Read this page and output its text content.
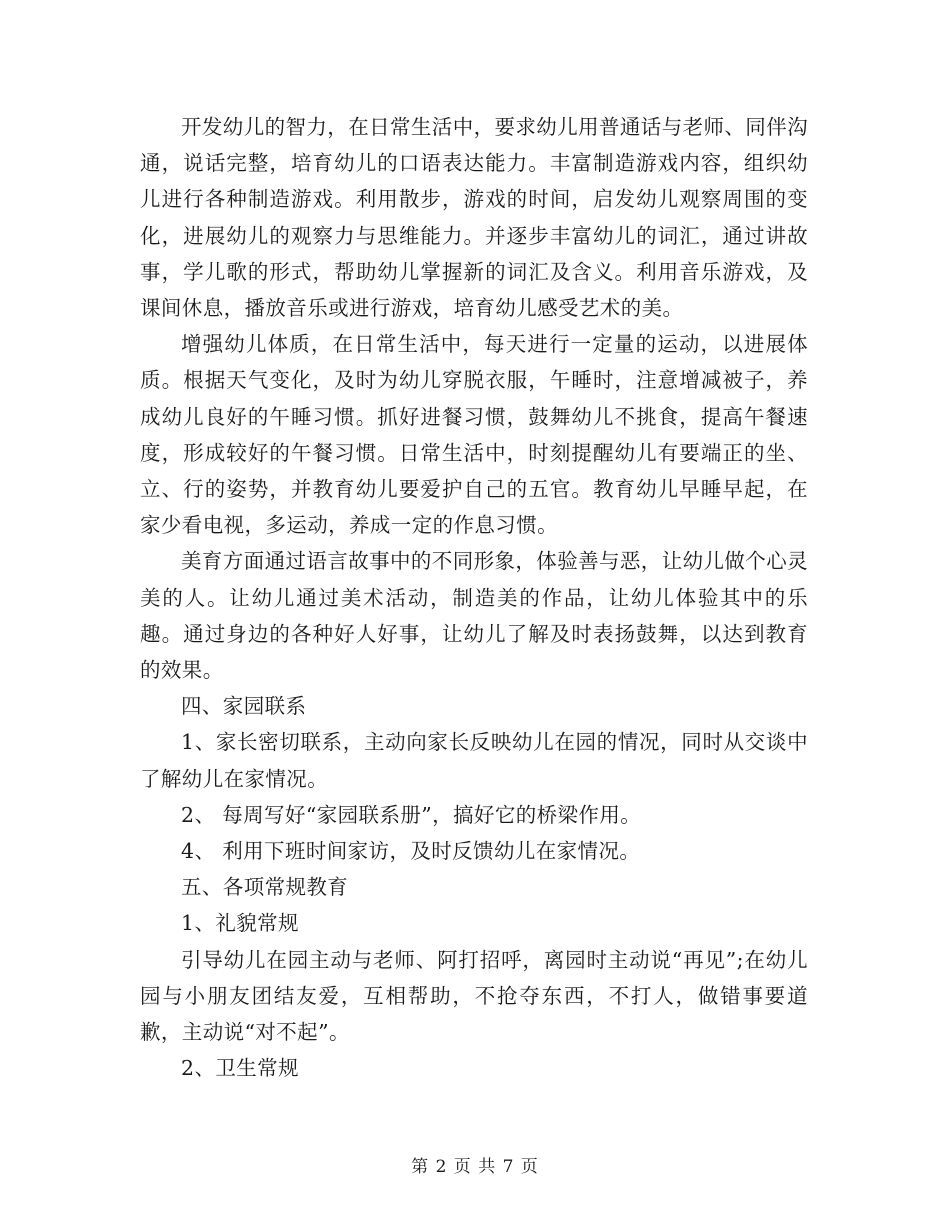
开发幼儿的智力，在日常生活中，要求幼儿用普通话与老师、同伴沟通，说话完整，培育幼儿的口语表达能力。丰富制造游戏内容，组织幼儿进行各种制造游戏。利用散步，游戏的时间，启发幼儿观察周围的变化，进展幼儿的观察力与思维能力。并逐步丰富幼儿的词汇，通过讲故事，学儿歌的形式，帮助幼儿掌握新的词汇及含义。利用音乐游戏，及课间休息，播放音乐或进行游戏，培育幼儿感受艺术的美。

增强幼儿体质，在日常生活中，每天进行一定量的运动，以进展体质。根据天气变化，及时为幼儿穿脱衣服，午睡时，注意增减被子，养成幼儿良好的午睡习惯。抓好进餐习惯，鼓舞幼儿不挑食，提高午餐速度，形成较好的午餐习惯。日常生活中，时刻提醒幼儿有要端正的坐、立、行的姿势，并教育幼儿要爱护自己的五官。教育幼儿早睡早起，在家少看电视，多运动，养成一定的作息习惯。

美育方面通过语言故事中的不同形象，体验善与恶，让幼儿做个心灵美的人。让幼儿通过美术活动，制造美的作品，让幼儿体验其中的乐趣。通过身边的各种好人好事，让幼儿了解及时表扬鼓舞，以达到教育的效果。

四、家园联系

1、家长密切联系，主动向家长反映幼儿在园的情况，同时从交谈中了解幼儿在家情况。

2、 每周写好“家园联系册”，搞好它的桥梁作用。

4、 利用下班时间家访，及时反馈幼儿在家情况。

五、各项常规教育

1、礼貌常规

引导幼儿在园主动与老师、阿打招呼，离园时主动说“再见”;在幼儿园与小朋友团结友爱，互相帮助，不抢夺东西，不打人，做错事要道歉，主动说“对不起”。

2、卫生常规

第 2 页 共 7 页
